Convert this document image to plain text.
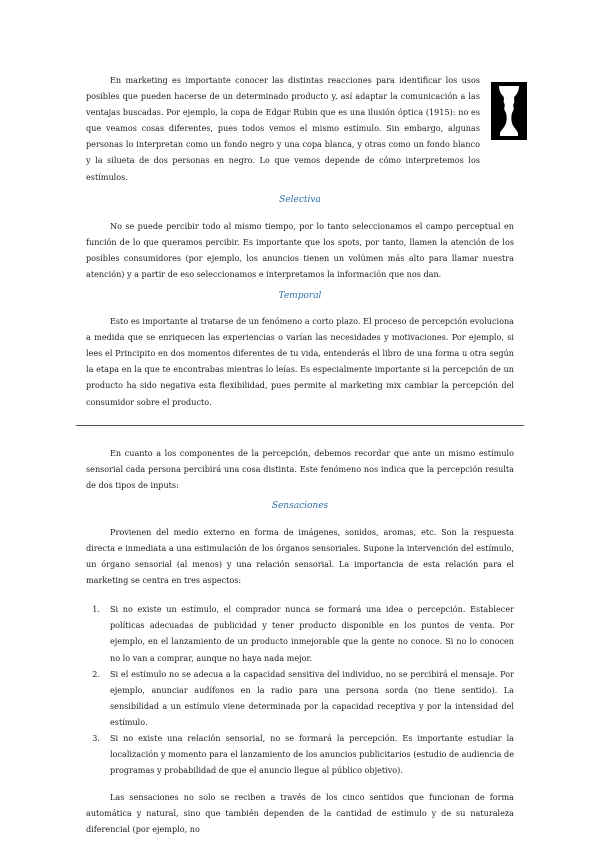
En marketing es importante conocer las distintas reacciones para identificar los usos posibles que pueden hacerse de un determinado producto y, así adaptar la comunicación a las ventajas buscadas. Por ejemplo, la copa de Edgar Rubin que es una ilusión óptica (1915): no es que veamos cosas diferentes, pues todos vemos el mismo estímulo. Sin embargo, algunas personas lo interpretan como un fondo negro y una copa blanca, y otras como un fondo blanco y la silueta de dos personas en negro. Lo que vemos depende de cómo interpretemos los estímulos.

Selectiva

No se puede percibir todo al mismo tiempo, por lo tanto seleccionamos el campo perceptual en función de lo que queramos percibir. Es importante que los spots, por tanto, llamen la atención de los posibles consumidores (por ejemplo, los anuncios tienen un volúmen más alto para llamar nuestra atención) y a partir de eso seleccionamos e interpretamos la información que nos dan.

Temporal

Esto es importante al tratarse de un fenómeno a corto plazo. El proceso de percepción evoluciona a medida que se enriquecen las experiencias o varían las necesidades y motivaciones. Por ejemplo, si lees el Principito en dos momentos diferentes de tu vida, entenderás el libro de una forma u otra según la etapa en la que te encontrabas mientras lo leías. Es especialmente importante si la percepción de un producto ha sido negativa esta flexibilidad, pues permite al marketing mix cambiar la percepción del consumidor sobre el producto.

En cuanto a los componentes de la percepción, debemos recordar que ante un mismo estímulo sensorial cada persona percibirá una cosa distinta. Este fenómeno nos indica que la percepción resulta de dos tipos de inputs:

Sensaciones

Provienen del medio externo en forma de imágenes, sonidos, aromas, etc. Son la respuesta directa e inmediata a una estimulación de los órganos sensoriales. Supone la intervención del estímulo, un órgano sensorial (al menos) y una relación sensorial. La importancia de esta relación para el marketing se centra en tres aspectos:

1. Si no existe un estímulo, el comprador nunca se formará una idea o percepción. Establecer políticas adecuadas de publicidad y tener producto disponible en los puntos de venta. Por ejemplo, en el lanzamiento de un producto inmejorable que la gente no conoce. Si no lo conocen no lo van a comprar, aunque no haya nada mejor.
2. Si el estímulo no se adecua a la capacidad sensitiva del individuo, no se percibirá el mensaje. Por ejemplo, anunciar audífonos en la radio para una persona sorda (no tiene sentido). La sensibilidad a un estímulo viene determinada por la capacidad receptiva y por la intensidad del estímulo.
3. Si no existe una relación sensorial, no se formará la percepción. Es importante estudiar la localización y momento para el lanzamiento de los anuncios publicitarios (estudio de audiencia de programas y probabilidad de que el anuncio llegue al público objetivo).

Las sensaciones no solo se reciben a través de los cinco sentidos que funcionan de forma automática y natural, sino que también dependen de la cantidad de estímulo y de su naturaleza diferencial (por ejemplo, no
